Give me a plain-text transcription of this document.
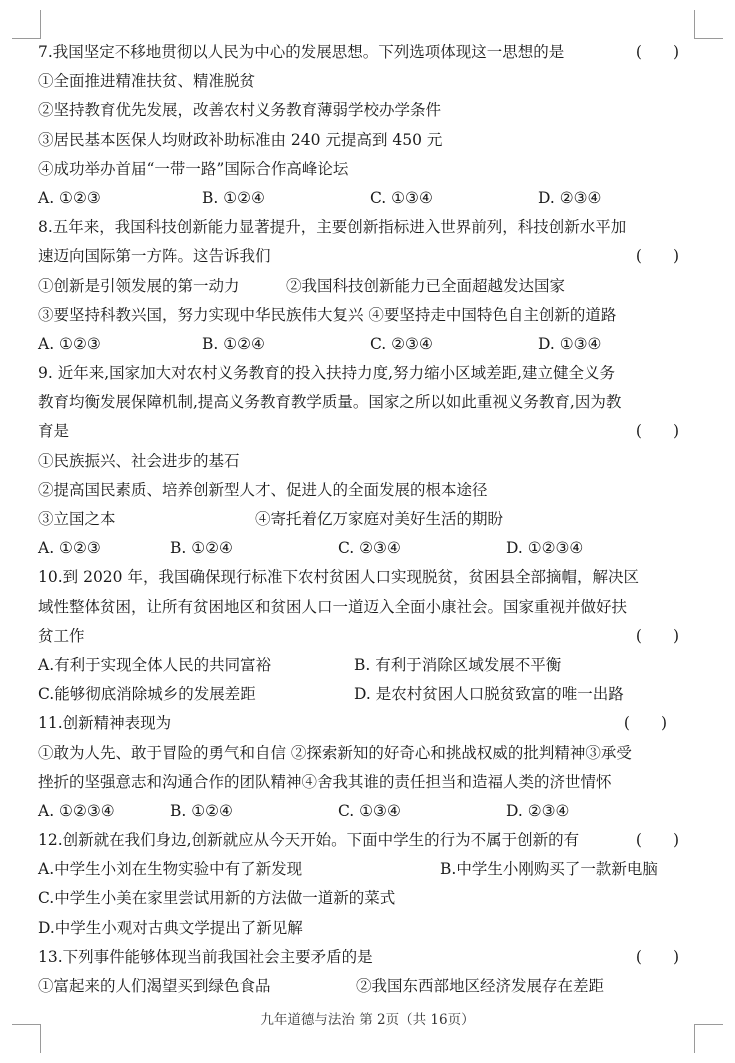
7.我国坚定不移地贯彻以人民为中心的发展思想。下列选项体现这一思想的是	(　　)
①全面推进精准扶贫、精准脱贫
②坚持教育优先发展，改善农村义务教育薄弱学校办学条件
③居民基本医保人均财政补助标准由 240 元提高到 450 元
④成功举办首届“一带一路”国际合作高峰论坛
A. ①②③	B. ①②④	C. ①③④	D. ②③④
8.五年来，我国科技创新能力显著提升，主要创新指标进入世界前列，科技创新水平加
速迈向国际第一方阵。这告诉我们	(　　)
①创新是引领发展的第一动力　　　②我国科技创新能力已全面超越发达国家
③要坚持科教兴国，努力实现中华民族伟大复兴 ④要坚持走中国特色自主创新的道路
A. ①②③	B. ①②④	C. ②③④	D. ①③④
9. 近年来,国家加大对农村义务教育的投入扶持力度,努力缩小区域差距,建立健全义务
教育均衡发展保障机制,提高义务教育教学质量。国家之所以如此重视义务教育,因为教
育是	(　　)
①民族振兴、社会进步的基石
②提高国民素质、培养创新型人才、促进人的全面发展的根本途径
③立国之本　　　　　　　　　④寄托着亿万家庭对美好生活的期盼
A. ①②③	B. ①②④	C. ②③④	D. ①②③④
10.到 2020 年，我国确保现行标准下农村贫困人口实现脱贫，贫困县全部摘帽，解决区
域性整体贫困，让所有贫困地区和贫困人口一道迈入全面小康社会。国家重视并做好扶
贫工作	(　　)
A.有利于实现全体人民的共同富裕	B. 有利于消除区域发展不平衡
C.能够彻底消除城乡的发展差距	D. 是农村贫困人口脱贫致富的唯一出路
11.创新精神表现为	(　　)
①敢为人先、敢于冒险的勇气和自信 ②探索新知的好奇心和挑战权威的批判精神③承受
挫折的坚强意志和沟通合作的团队精神④舍我其谁的责任担当和造福人类的济世情怀
A. ①②③④	B. ①②④	C. ①③④	D. ②③④
12.创新就在我们身边,创新就应从今天开始。下面中学生的行为不属于创新的有	(　　)
A.中学生小刘在生物实验中有了新发现	B.中学生小刚购买了一款新电脑
C.中学生小美在家里尝试用新的方法做一道新的菜式
D.中学生小观对古典文学提出了新见解
13.下列事件能够体现当前我国社会主要矛盾的是	(　　)
①富起来的人们渴望买到绿色食品	②我国东西部地区经济发展存在差距
九年道德与法治 第 2页（共 16页）
